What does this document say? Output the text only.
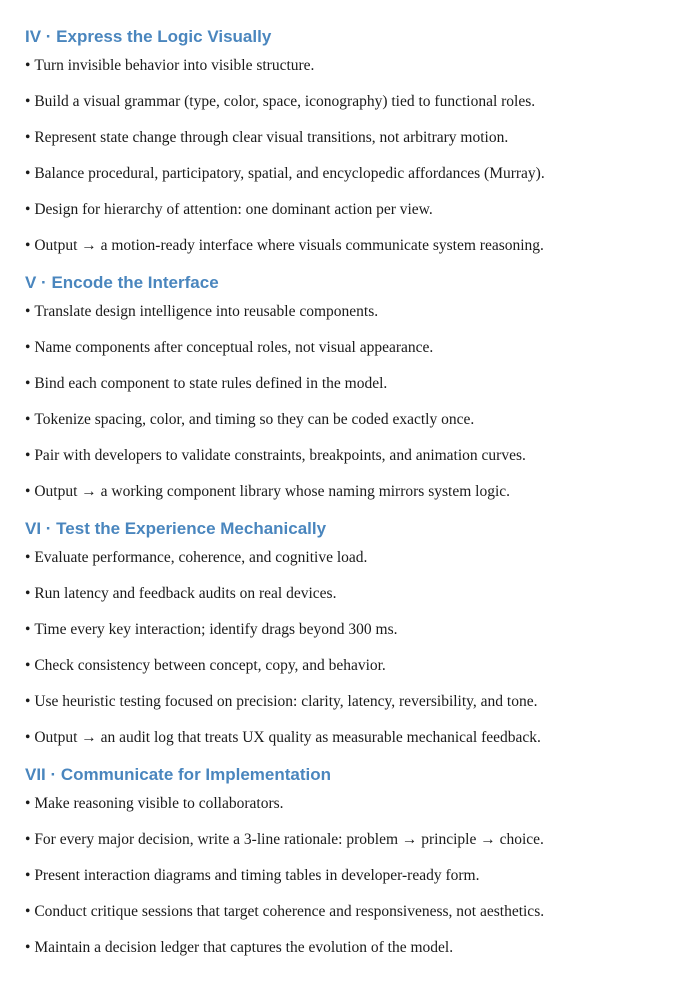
IV · Express the Logic Visually
• Turn invisible behavior into visible structure.
• Build a visual grammar (type, color, space, iconography) tied to functional roles.
• Represent state change through clear visual transitions, not arbitrary motion.
• Balance procedural, participatory, spatial, and encyclopedic affordances (Murray).
• Design for hierarchy of attention: one dominant action per view.
• Output → a motion-ready interface where visuals communicate system reasoning.
V · Encode the Interface
• Translate design intelligence into reusable components.
• Name components after conceptual roles, not visual appearance.
• Bind each component to state rules defined in the model.
• Tokenize spacing, color, and timing so they can be coded exactly once.
• Pair with developers to validate constraints, breakpoints, and animation curves.
• Output → a working component library whose naming mirrors system logic.
VI · Test the Experience Mechanically
• Evaluate performance, coherence, and cognitive load.
• Run latency and feedback audits on real devices.
• Time every key interaction; identify drags beyond 300 ms.
• Check consistency between concept, copy, and behavior.
• Use heuristic testing focused on precision: clarity, latency, reversibility, and tone.
• Output → an audit log that treats UX quality as measurable mechanical feedback.
VII · Communicate for Implementation
• Make reasoning visible to collaborators.
• For every major decision, write a 3-line rationale: problem → principle → choice.
• Present interaction diagrams and timing tables in developer-ready form.
• Conduct critique sessions that target coherence and responsiveness, not aesthetics.
• Maintain a decision ledger that captures the evolution of the model.
